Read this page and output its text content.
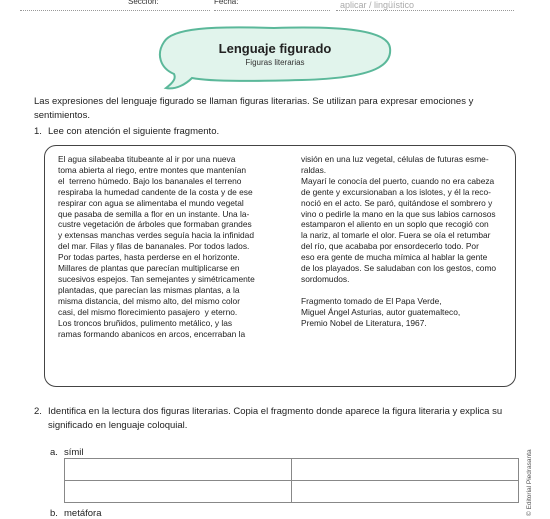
Sección:	Fecha:	aplicar / lingüístico
Lenguaje figurado
Figuras literarias
Las expresiones del lenguaje figurado se llaman figuras literarias. Se utilizan para expresar emociones y sentimientos.
1. Lee con atención el siguiente fragmento.
El agua silabeaba titubeante al ir por una nueva
toma abierta al riego, entre montes que mantenían
el  terreno húmedo. Bajo los bananales el terreno
respiraba la humedad candente de la costa y de ese
respirar con agua se alimentaba el mundo vegetal
que pasaba de semilla a flor en un instante. Una la-
custre vegetación de árboles que formaban grandes
y extensas manchas verdes seguía hacia la infinidad
del mar. Filas y filas de bananales. Por todos lados.
Por todas partes, hasta perderse en el horizonte.
Millares de plantas que parecían multiplicarse en
sucesivos espejos. Tan semejantes y simétricamente
plantadas, que parecían las mismas plantas, a la
misma distancia, del mismo alto, del mismo color
casi, del mismo florecimiento pasajero  y eterno.
Los troncos bruñidos, pulimento metálico, y las
ramas formando abanicos en arcos, encerraban la
visión en una luz vegetal, células de futuras esme-
raldas.
Mayarí le conocía del puerto, cuando no era cabeza
de gente y excursionaban a los islotes, y él la reco-
noció en el acto. Se paró, quitándose el sombrero y
vino o pedirle la mano en la que sus labios carnosos
estamparon el aliento en un soplo que recogió con
la nariz, al tomarle el olor. Fuera se oía el retumbar
del río, que acababa por ensordecerlo todo. Por
eso era gente de mucha mímica al hablar la gente
de los playados. Se saludaban con los gestos, como
sordomudos.

Fragmento tomado de El Papa Verde,
Miguel Ángel Asturias, autor guatemalteco,
Premio Nobel de Literatura, 1967.
2. Identifica en la lectura dos figuras literarias. Copia el fragmento donde aparece la figura literaria y explica su
significado en lenguaje coloquial.
a. símil

b. metáfora	© Editorial Piedrasanta
